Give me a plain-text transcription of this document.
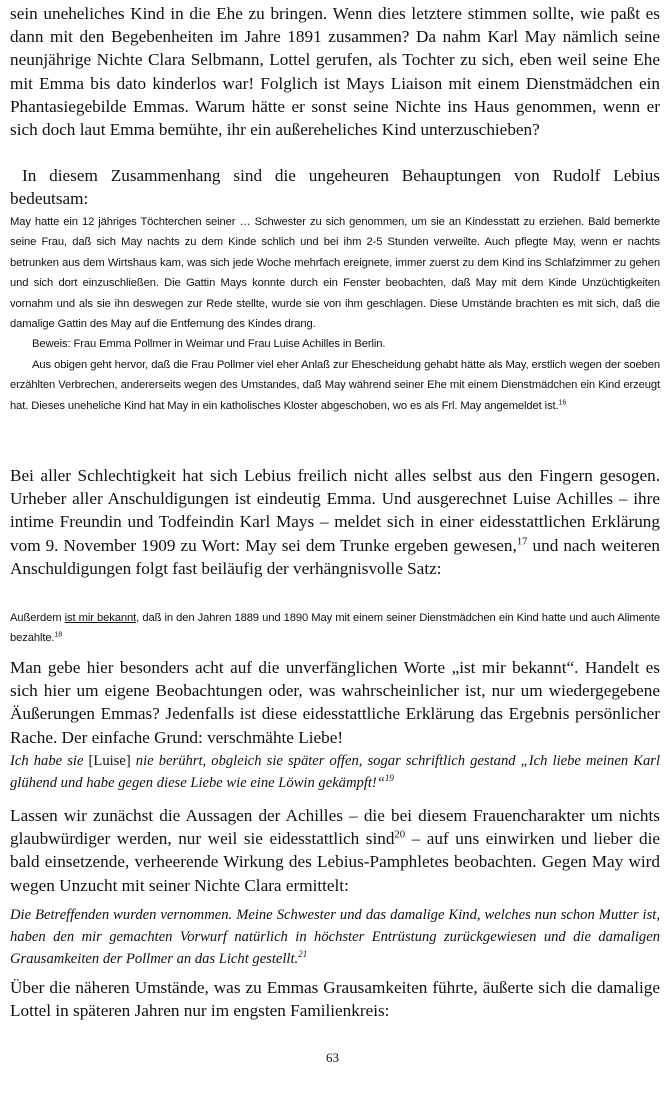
sein uneheliches Kind in die Ehe zu bringen. Wenn dies letztere stimmen sollte, wie paßt es dann mit den Begebenheiten im Jahre 1891 zusammen? Da nahm Karl May nämlich seine neunjährige Nichte Clara Selbmann, Lottel gerufen, als Tochter zu sich, eben weil seine Ehe mit Emma bis dato kinderlos war! Folglich ist Mays Liaison mit einem Dienstmädchen ein Phantasiegebilde Emmas. Warum hätte er sonst seine Nichte ins Haus genommen, wenn er sich doch laut Emma bemühte, ihr ein außereheliches Kind unterzuschieben?

In diesem Zusammenhang sind die ungeheuren Behauptungen von Rudolf Lebius bedeutsam:

May hatte ein 12 jähriges Töchterchen seiner … Schwester zu sich genommen, um sie an Kindesstatt zu erziehen. Bald bemerkte seine Frau, daß sich May nachts zu dem Kinde schlich und bei ihm 2-5 Stunden verweilte. Auch pflegte May, wenn er nachts betrunken aus dem Wirtshaus kam, was sich jede Woche mehrfach ereignete, immer zuerst zu dem Kind ins Schlafzimmer zu gehen und sich dort einzuschließen. Die Gattin Mays konnte durch ein Fenster beobachten, daß May mit dem Kinde Unzüchtigkeiten vornahm und als sie ihn deswegen zur Rede stellte, wurde sie von ihm geschlagen. Diese Umstände brachten es mit sich, daß die damalige Gattin des May auf die Entfernung des Kindes drang.
Beweis: Frau Emma Pollmer in Weimar und Frau Luise Achilles in Berlin.
Aus obigen geht hervor, daß die Frau Pollmer viel eher Anlaß zur Ehescheidung gehabt hätte als May, erstlich wegen der soeben erzählten Verbrechen, andererseits wegen des Umstandes, daß May während seiner Ehe mit einem Dienstmädchen ein Kind erzeugt hat. Dieses uneheliche Kind hat May in ein katholisches Kloster abgeschoben, wo es als Frl. May angemeldet ist.$^{16}$

Bei aller Schlechtigkeit hat sich Lebius freilich nicht alles selbst aus den Fingern gesogen. Urheber aller Anschuldigungen ist eindeutig Emma. Und ausgerechnet Luise Achilles – ihre intime Freundin und Todfeindin Karl Mays – meldet sich in einer eidesstattlichen Erklärung vom 9. November 1909 zu Wort: May sei dem Trunke ergeben gewesen,$^{17}$ und nach weiteren Anschuldigungen folgt fast beiläufig der verhängnisvolle Satz:

Außerdem ist mir bekannt, daß in den Jahren 1889 und 1890 May mit einem seiner Dienstmädchen ein Kind hatte und auch Alimente bezahlte.$^{18}$

Man gebe hier besonders acht auf die unverfänglichen Worte „ist mir bekannt“. Handelt es sich hier um eigene Beobachtungen oder, was wahrscheinlicher ist, nur um wiedergegebene Äußerungen Emmas? Jedenfalls ist diese eidesstattliche Erklärung das Ergebnis persönlicher Rache. Der einfache Grund: verschmähte Liebe!

Ich habe sie [Luise] nie berührt, obgleich sie später offen, sogar schriftlich gestand „Ich liebe meinen Karl glühend und habe gegen diese Liebe wie eine Löwin gekämpft!“$^{19}$

Lassen wir zunächst die Aussagen der Achilles – die bei diesem Frauencharakter um nichts glaubwürdiger werden, nur weil sie eidesstattlich sind$^{20}$ – auf uns einwirken und lieber die bald einsetzende, verheerende Wirkung des Lebius-Pamphletes beobachten. Gegen May wird wegen Unzucht mit seiner Nichte Clara ermittelt:

Die Betreffenden wurden vernommen. Meine Schwester und das damalige Kind, welches nun schon Mutter ist, haben den mir gemachten Vorwurf natürlich in höchster Entrüstung zurückgewiesen und die damaligen Grausamkeiten der Pollmer an das Licht gestellt.$^{21}$

Über die näheren Umstände, was zu Emmas Grausamkeiten führte, äußerte sich die damalige Lottel in späteren Jahren nur im engsten Familienkreis:

63
